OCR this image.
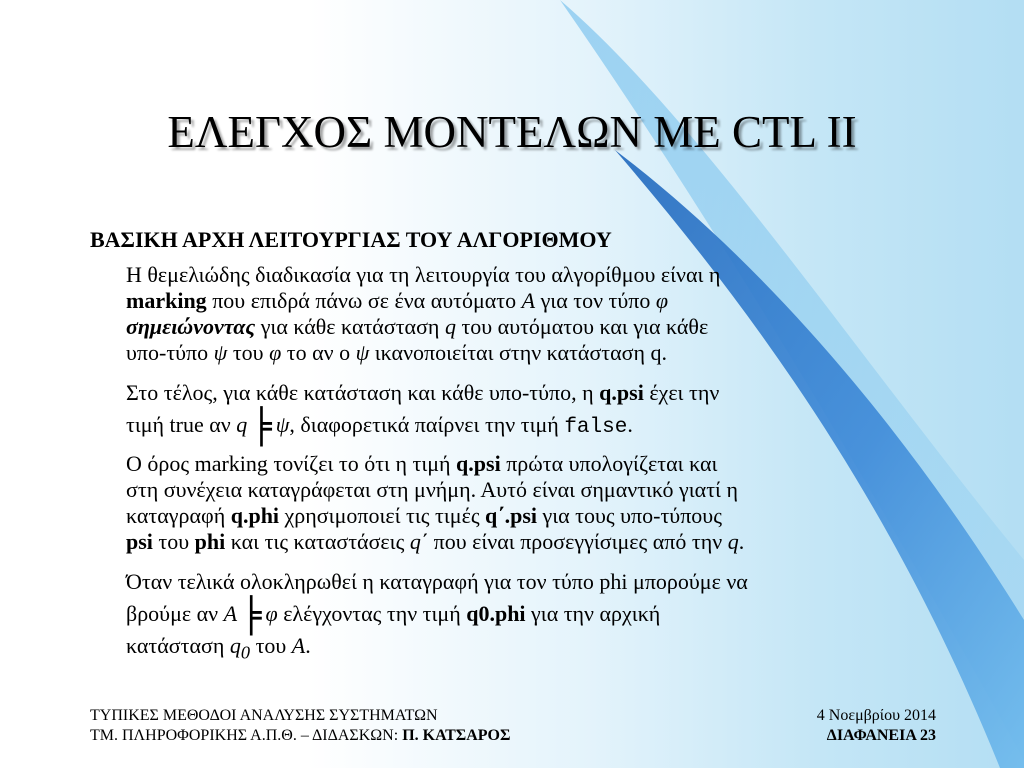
ΕΛΕΓΧΟΣ ΜΟΝΤΕΛΩΝ ΜΕ CTL II
ΒΑΣΙΚΗ ΑΡΧΗ ΛΕΙΤΟΥΡΓΙΑΣ ΤΟΥ ΑΛΓΟΡΙΘΜΟΥ
Η θεμελιώδης διαδικασία για τη λειτουργία του αλγορίθμου είναι η
marking που επιδρά πάνω σε ένα αυτόματο A για τον τύπο φ
σημειώνοντας για κάθε κατάσταση q του αυτόματου και για κάθε
υπο-τύπο ψ του φ το αν ο ψ ικανοποιείται στην κατάσταση q.
Στο τέλος, για κάθε κατάσταση και κάθε υπο-τύπο, η q.psi έχει την
τιμή true αν q ╞ ψ, διαφορετικά παίρνει την τιμή false.
Ο όρος marking τονίζει το ότι η τιμή q.psi πρώτα υπολογίζεται και
στη συνέχεια καταγράφεται στη μνήμη. Αυτό είναι σημαντικό γιατί η
καταγραφή q.phi χρησιμοποιεί τις τιμές q΄.psi για τους υπο-τύπους
psi του phi και τις καταστάσεις q΄ που είναι προσεγγίσιμες από την q.
Όταν τελικά ολοκληρωθεί η καταγραφή για τον τύπο phi μπορούμε να
βρούμε αν A ╞ φ ελέγχοντας την τιμή q0.phi για την αρχική
κατάσταση $q_0$ του A.
ΤΥΠΙΚΕΣ ΜΕΘΟΔΟΙ ΑΝΑΛΥΣΗΣ ΣΥΣΤΗΜΑΤΩΝ
ΤΜ. ΠΛΗΡΟΦΟΡΙΚΗΣ Α.Π.Θ. – ΔΙΔΑΣΚΩΝ: Π. ΚΑΤΣΑΡΟΣ
4 Νοεμβρίου 2014
ΔΙΑΦΑΝΕΙΑ 23
